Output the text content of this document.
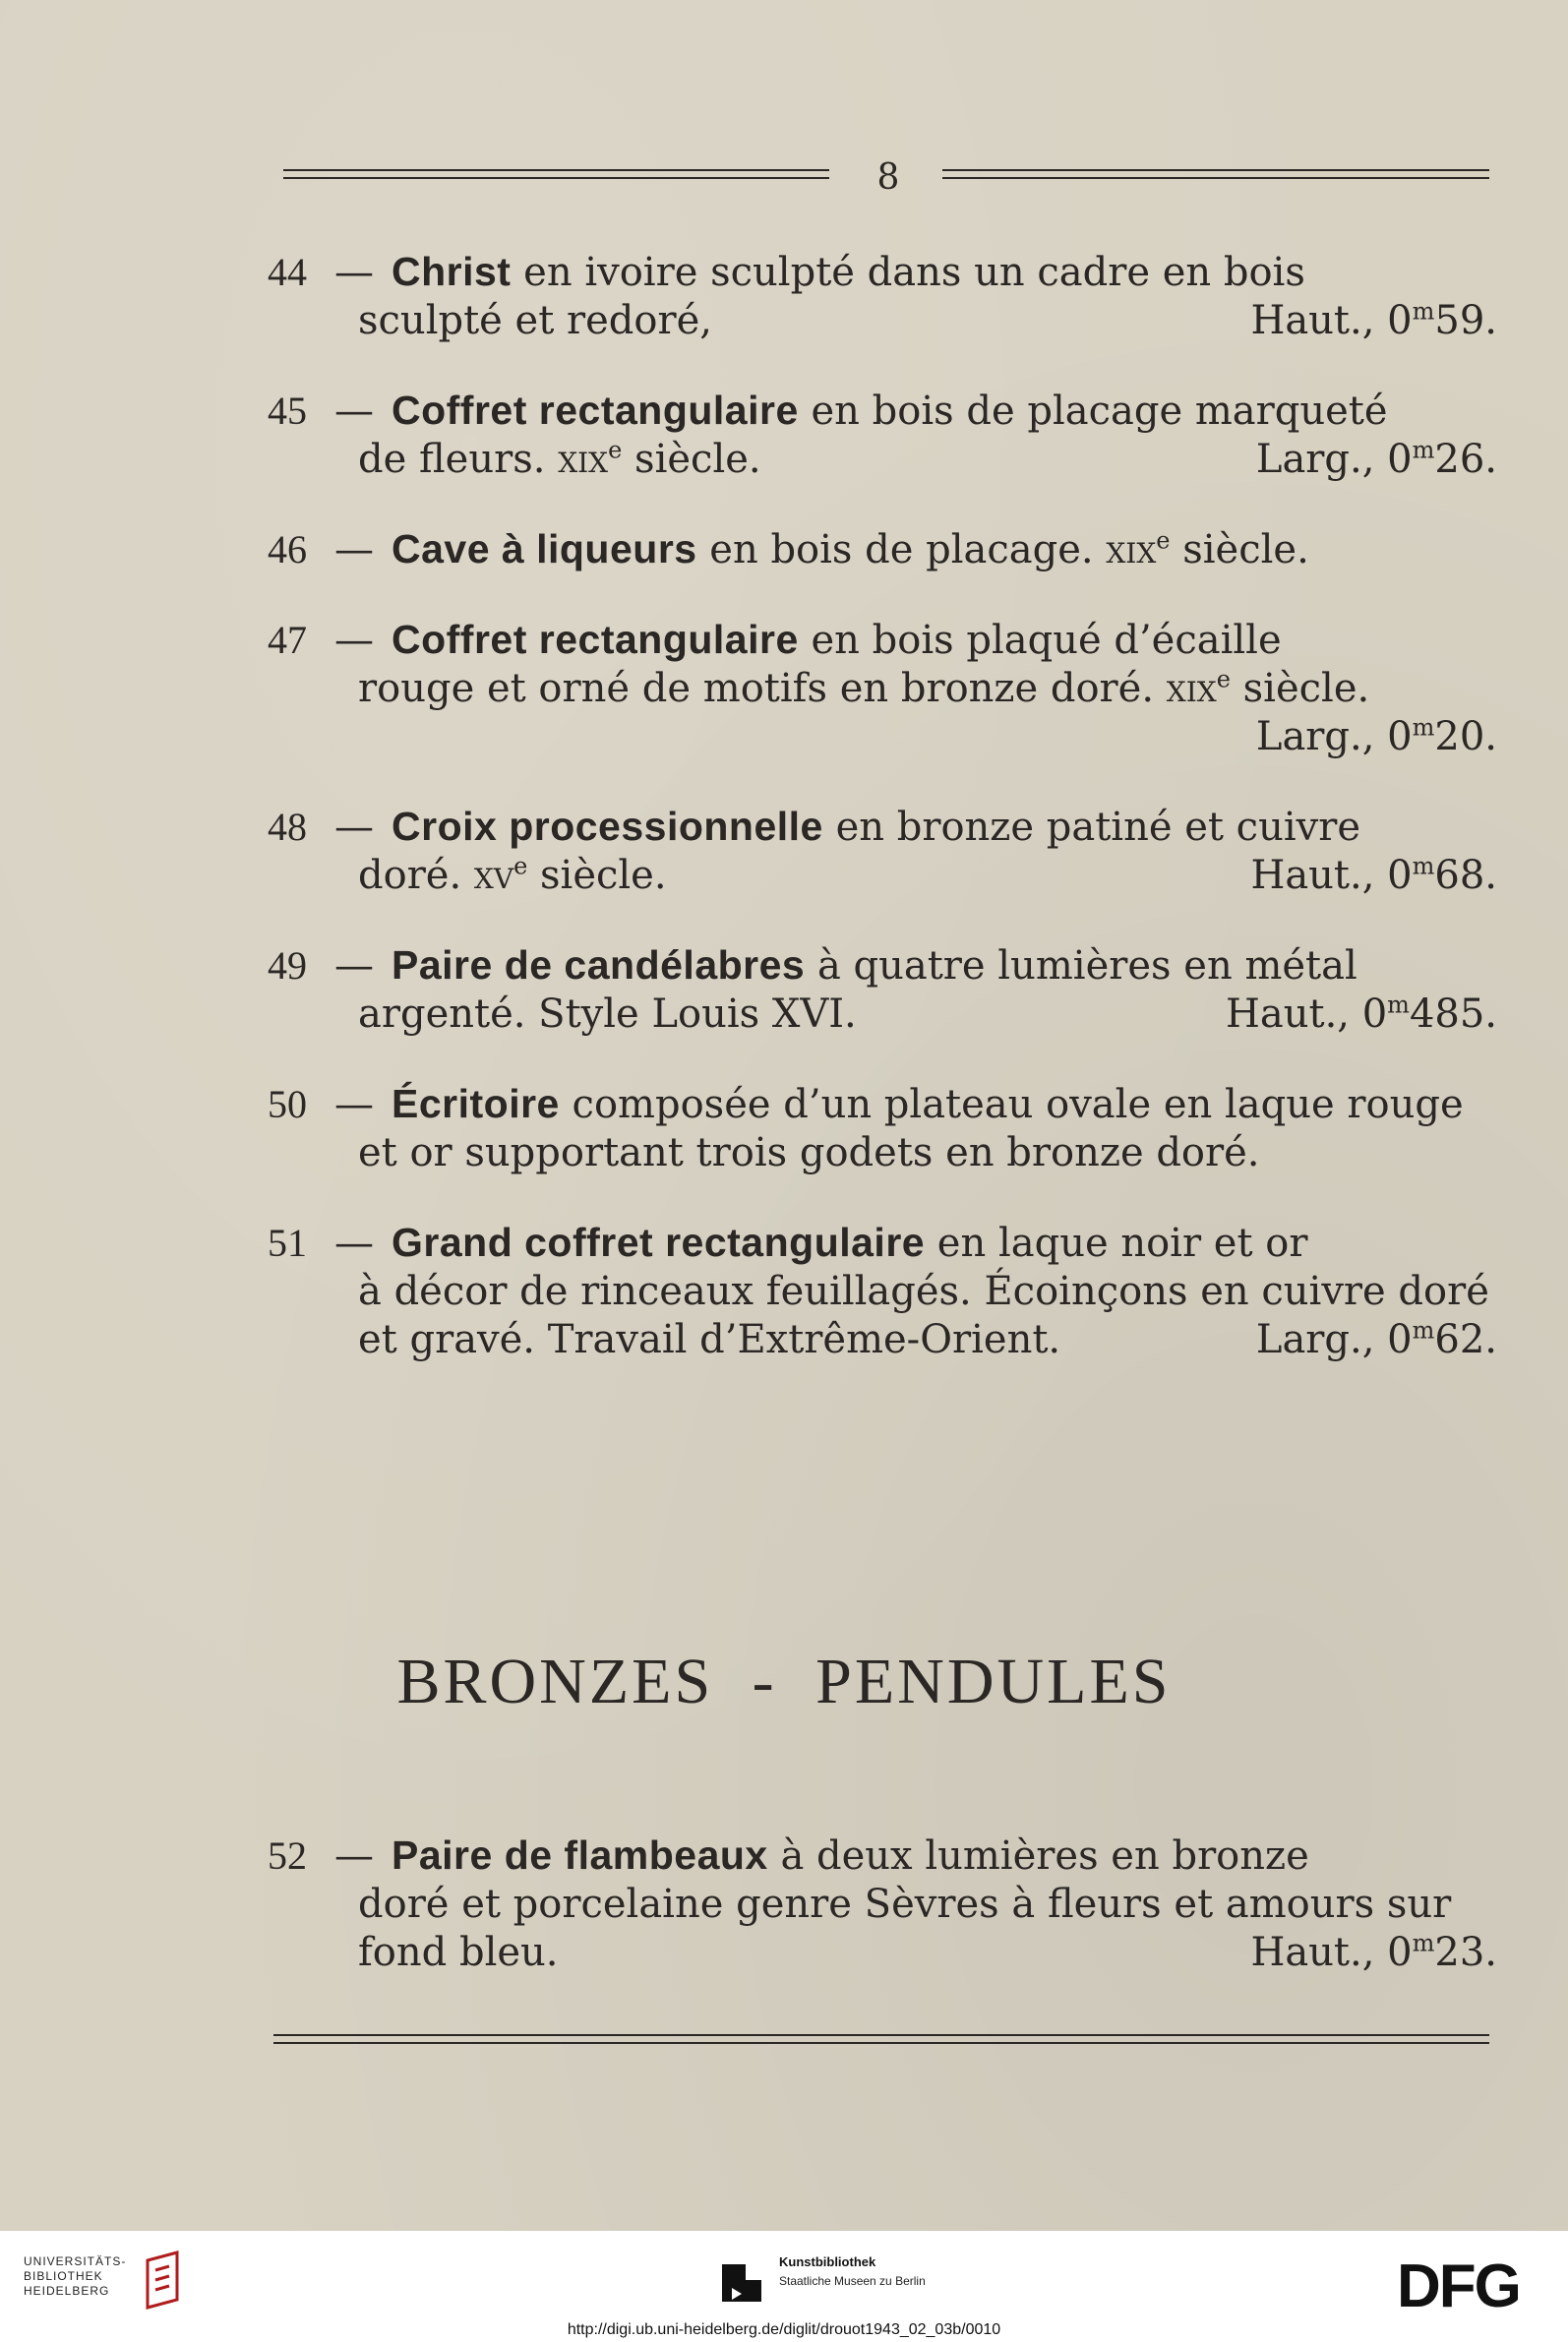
8
44 — Christ en ivoire sculpté dans un cadre en bois
sculpté et redoré,	Haut., 0$^m$59.
45 — Coffret rectangulaire en bois de placage marqueté
de fleurs. xix$^e$ siècle.	Larg., 0$^m$26.
46 — Cave à liqueurs en bois de placage. xix$^e$ siècle.
47 — Coffret rectangulaire en bois plaqué d’écaille
rouge et orné de motifs en bronze doré. xix$^e$ siècle.
Larg., 0$^m$20.
48 — Croix processionnelle en bronze patiné et cuivre
doré. $xv^e$ siècle.	Haut., 0$^m$68.
49 — Paire de candélabres à quatre lumières en métal
argenté. Style Louis XVI.	Haut., 0$^m$485.
50 — Écritoire composée d’un plateau ovale en laque rouge
et or supportant trois godets en bronze doré.
51 — Grand coffret rectangulaire en laque noir et or
à décor de rinceaux feuillagés. Écoinçons en cuivre doré
et gravé. Travail d’Extrême-Orient.	Larg., 0$^m$62.
BRONZES - PENDULES
52 — Paire de flambeaux à deux lumières en bronze
doré et porcelaine genre Sèvres à fleurs et amours sur
fond bleu.	Haut., 0$^m$23.
UNIVERSITÄTS-
BIBLIOTHEK
HEIDELBERG
Kunstbibliothek
Staatliche Museen zu Berlin	DFG
http://digi.ub.uni-heidelberg.de/diglit/drouot1943_02_03b/0010
